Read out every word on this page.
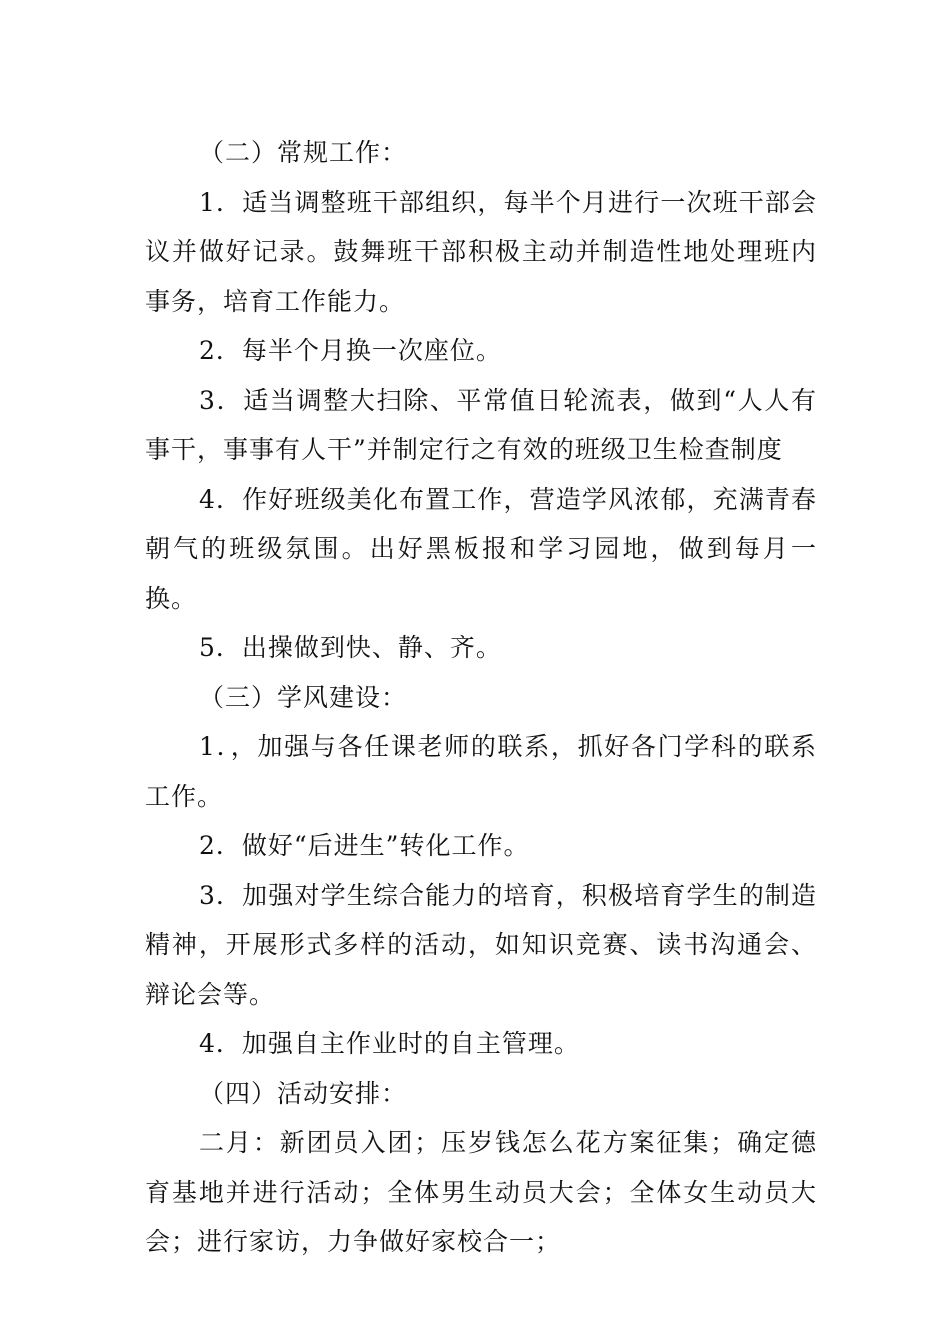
（二）常规工作：

1．适当调整班干部组织，每半个月进行一次班干部会议并做好记录。鼓舞班干部积极主动并制造性地处理班内事务，培育工作能力。

2．每半个月换一次座位。

3．适当调整大扫除、平常值日轮流表，做到“人人有事干，事事有人干”并制定行之有效的班级卫生检查制度

4．作好班级美化布置工作，营造学风浓郁，充满青春朝气的班级氛围。出好黑板报和学习园地，做到每月一换。

5．出操做到快、静、齐。

（三）学风建设：

1．，加强与各任课老师的联系，抓好各门学科的联系工作。

2．做好“后进生”转化工作。

3．加强对学生综合能力的培育，积极培育学生的制造精神，开展形式多样的活动，如知识竞赛、读书沟通会、辩论会等。

4．加强自主作业时的自主管理。

（四）活动安排：

二月：新团员入团；压岁钱怎么花方案征集；确定德育基地并进行活动；全体男生动员大会；全体女生动员大会；进行家访，力争做好家校合一；
